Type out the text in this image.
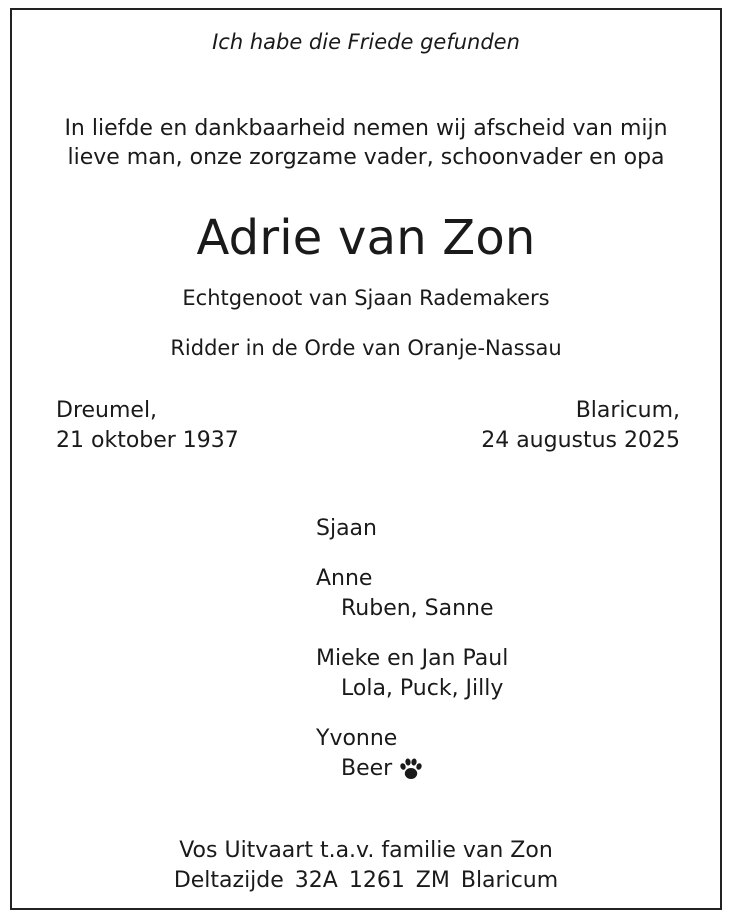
Ich habe die Friede gefunden
In liefde en dankbaarheid nemen wij afscheid van mijn
lieve man, onze zorgzame vader, schoonvader en opa
Adrie van Zon
Echtgenoot van Sjaan Rademakers
Ridder in de Orde van Oranje-Nassau
Dreumel,
21 oktober 1937
Blaricum,
24 augustus 2025
Sjaan
Anne
Ruben, Sanne
Mieke en Jan Paul
Lola, Puck, Jilly
Yvonne
Beer
Vos Uitvaart t.a.v. familie van Zon
Deltazijde 32A 1261 ZM Blaricum
